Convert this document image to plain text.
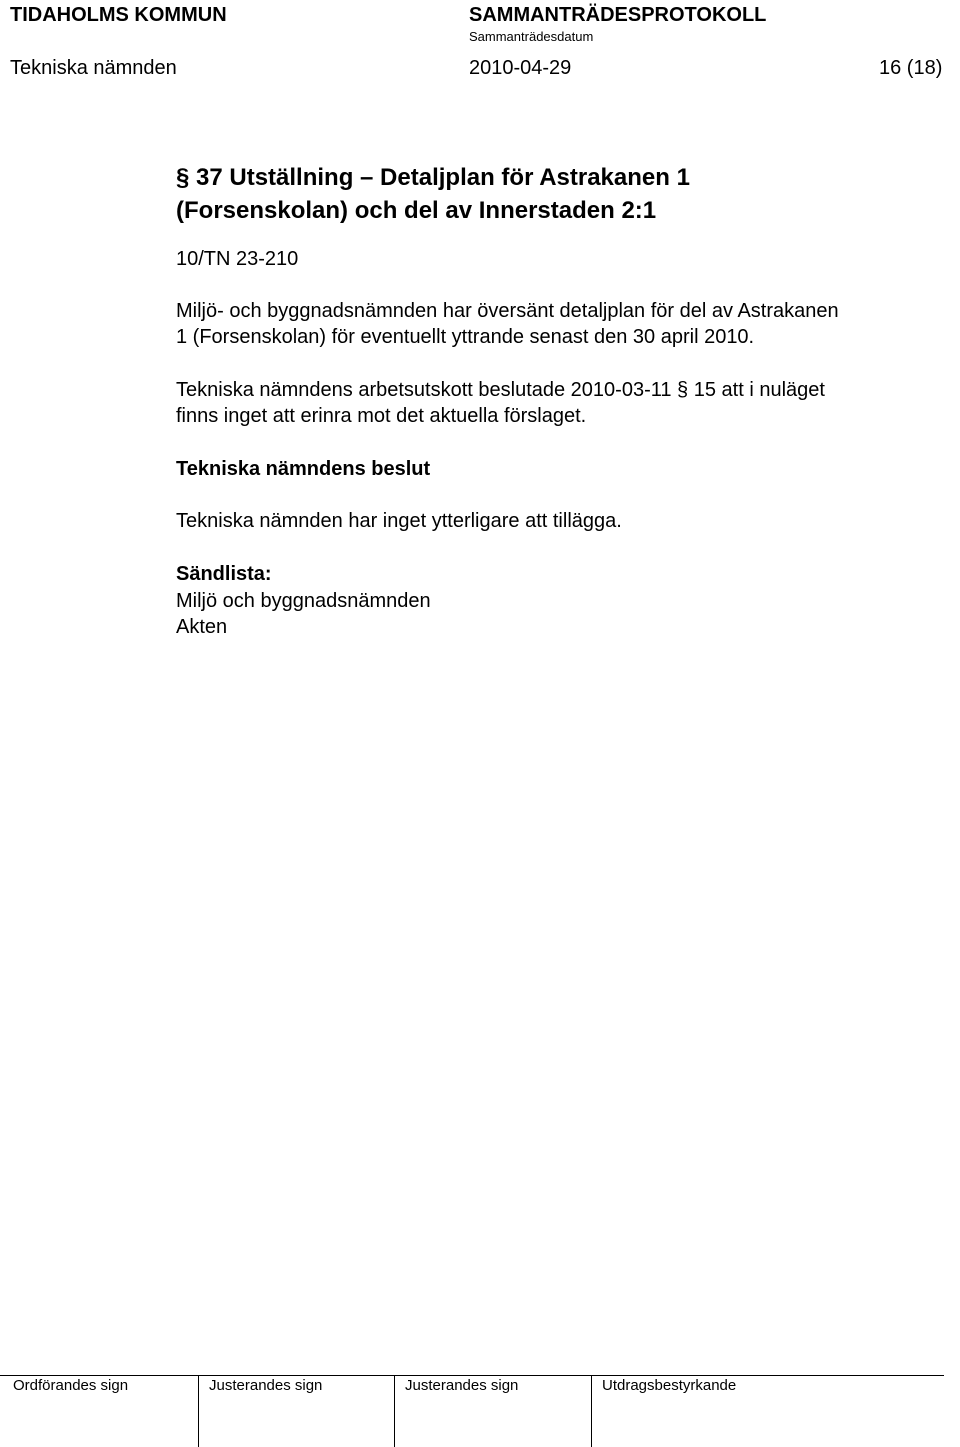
TIDAHOLMS KOMMUN	SAMMANTRÄDESPROTOKOLL
Sammanträdesdatum
Tekniska nämnden	2010-04-29	16 (18)
§ 37 Utställning – Detaljplan för Astrakanen 1
(Forsenskolan) och del av Innerstaden 2:1
10/TN 23-210
Miljö- och byggnadsnämnden har översänt detaljplan för del av Astrakanen
1 (Forsenskolan) för eventuellt yttrande senast den 30 april 2010.
Tekniska nämndens arbetsutskott beslutade 2010-03-11 § 15 att i nuläget
finns inget att erinra mot det aktuella förslaget.
Tekniska nämndens beslut
Tekniska nämnden har inget ytterligare att tillägga.
Sändlista:
Miljö och byggnadsnämnden
Akten
Ordförandes sign	Justerandes sign	Justerandes sign	Utdragsbestyrkande
